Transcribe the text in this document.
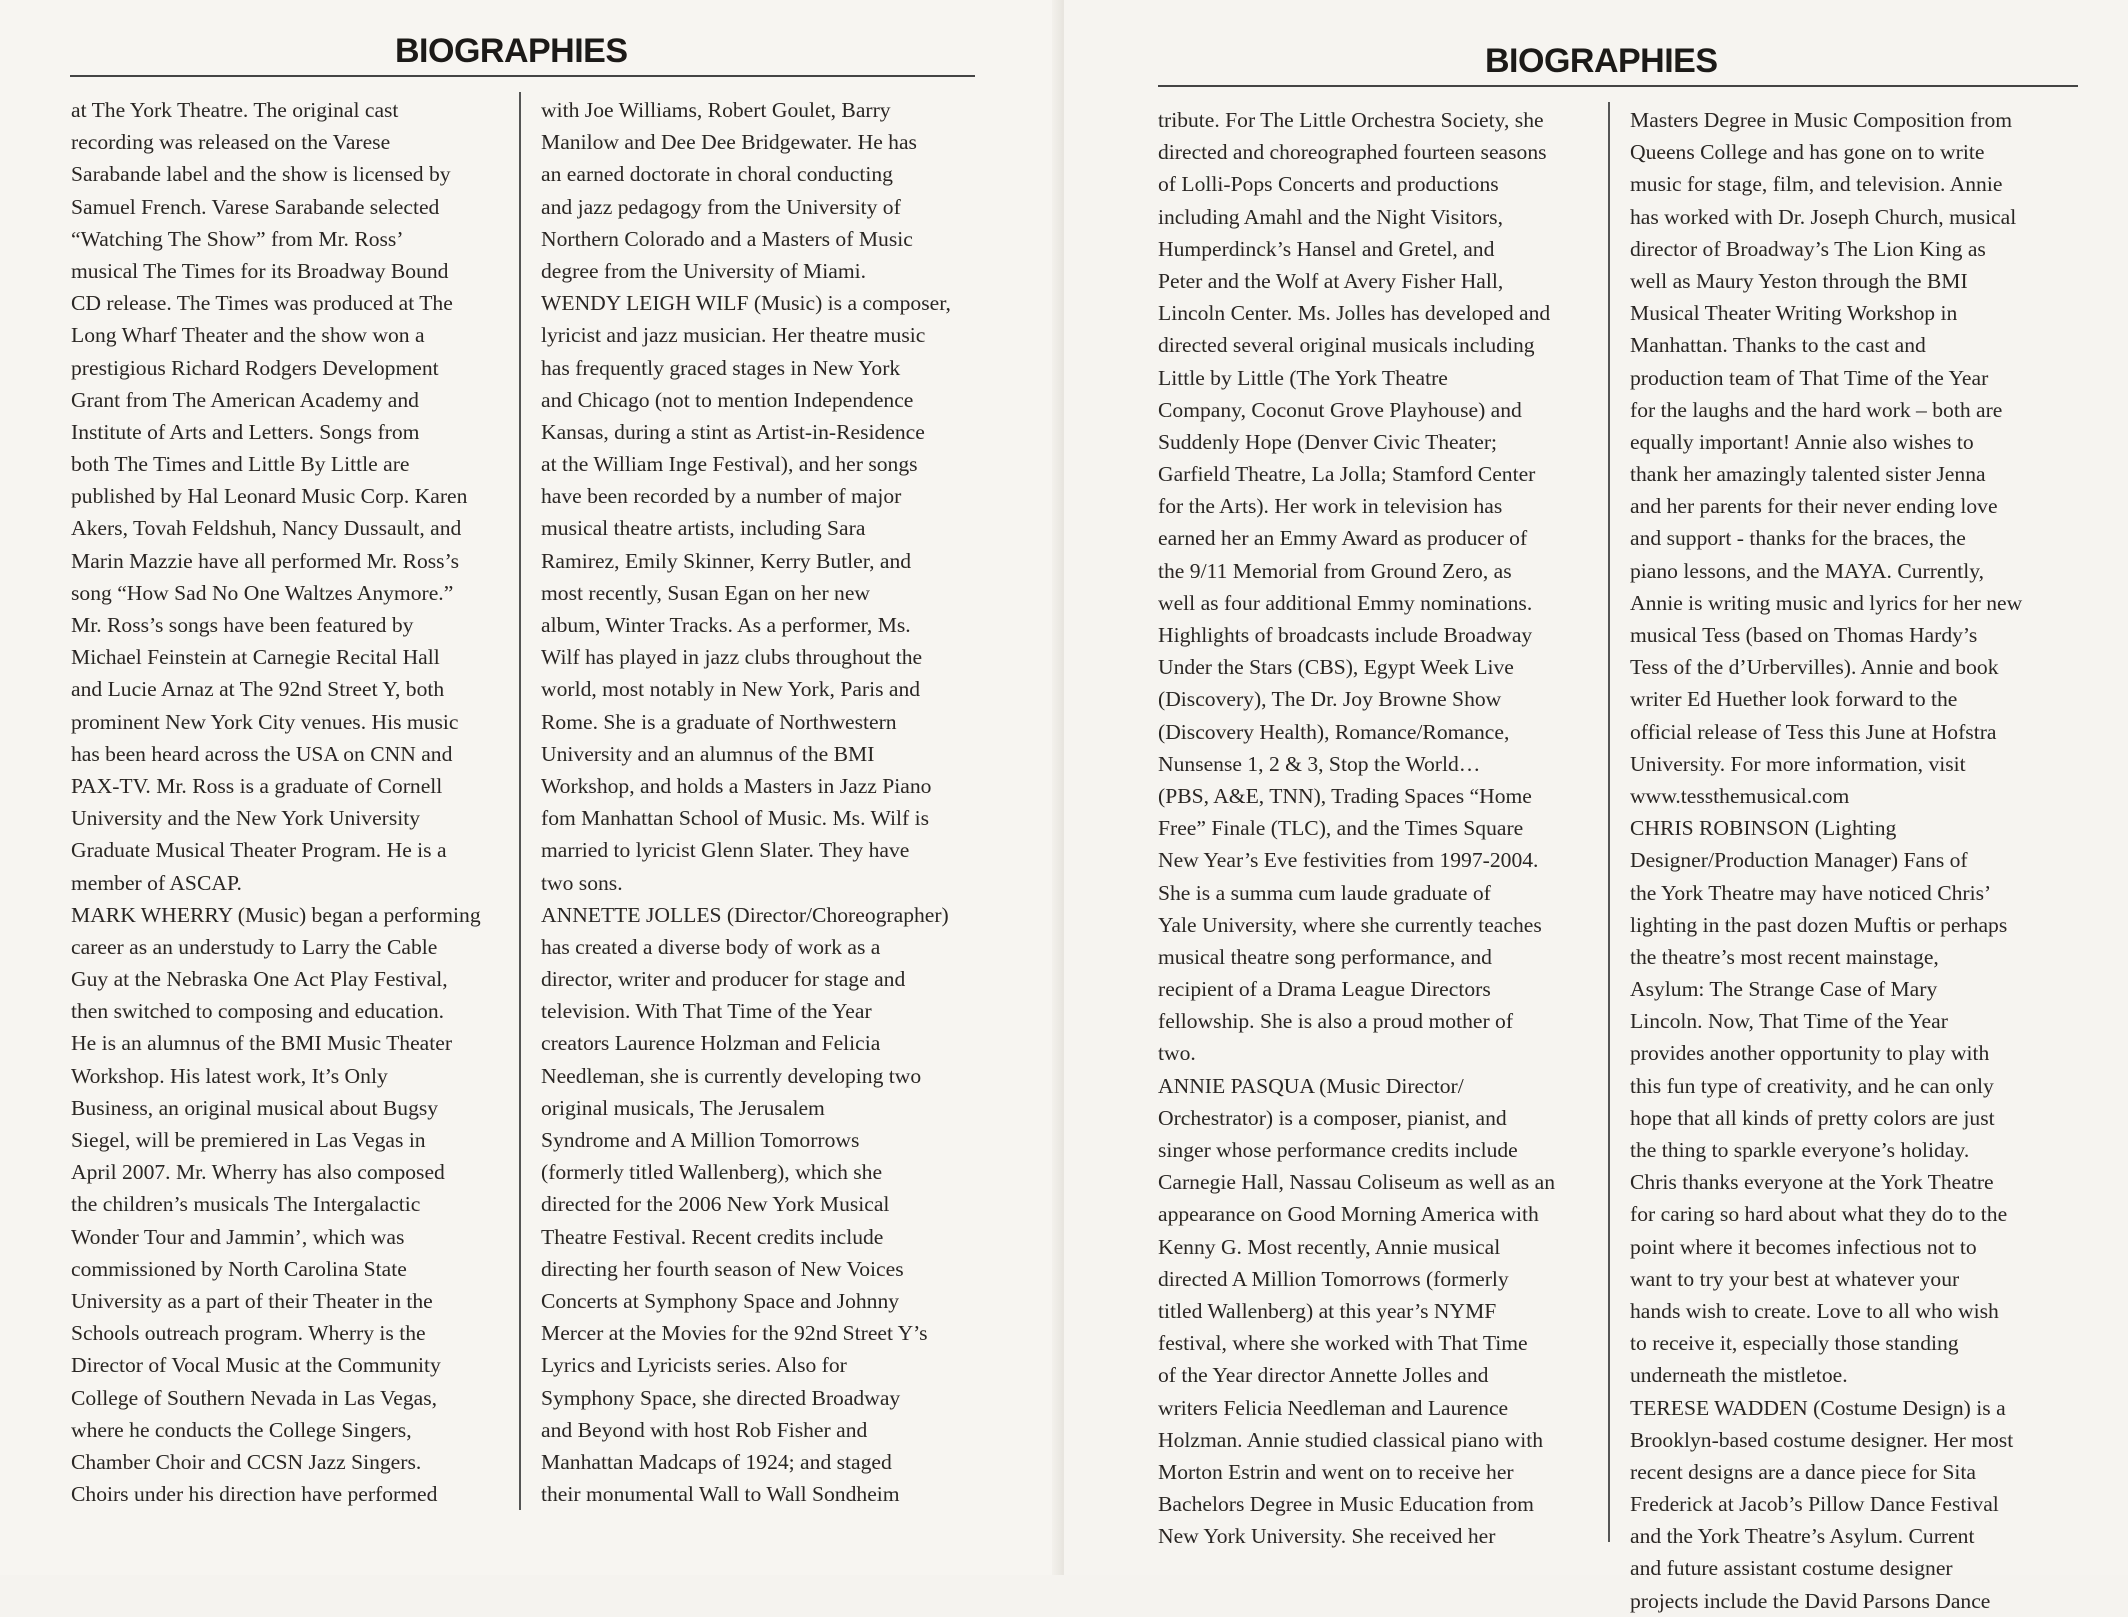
BIOGRAPHIES
at The York Theatre. The original cast
recording was released on the Varese
Sarabande label and the show is licensed by
Samuel French. Varese Sarabande selected
“Watching The Show” from Mr. Ross’
musical The Times for its Broadway Bound
CD release. The Times was produced at The
Long Wharf Theater and the show won a
prestigious Richard Rodgers Development
Grant from The American Academy and
Institute of Arts and Letters. Songs from
both The Times and Little By Little are
published by Hal Leonard Music Corp. Karen
Akers, Tovah Feldshuh, Nancy Dussault, and
Marin Mazzie have all performed Mr. Ross’s
song “How Sad No One Waltzes Anymore.”
Mr. Ross’s songs have been featured by
Michael Feinstein at Carnegie Recital Hall
and Lucie Arnaz at The 92nd Street Y, both
prominent New York City venues. His music
has been heard across the USA on CNN and
PAX-TV. Mr. Ross is a graduate of Cornell
University and the New York University
Graduate Musical Theater Program. He is a
member of ASCAP.
MARK WHERRY (Music) began a performing
career as an understudy to Larry the Cable
Guy at the Nebraska One Act Play Festival,
then switched to composing and education.
He is an alumnus of the BMI Music Theater
Workshop. His latest work, It’s Only
Business, an original musical about Bugsy
Siegel, will be premiered in Las Vegas in
April 2007. Mr. Wherry has also composed
the children’s musicals The Intergalactic
Wonder Tour and Jammin’, which was
commissioned by North Carolina State
University as a part of their Theater in the
Schools outreach program. Wherry is the
Director of Vocal Music at the Community
College of Southern Nevada in Las Vegas,
where he conducts the College Singers,
Chamber Choir and CCSN Jazz Singers.
Choirs under his direction have performed
with Joe Williams, Robert Goulet, Barry
Manilow and Dee Dee Bridgewater. He has
an earned doctorate in choral conducting
and jazz pedagogy from the University of
Northern Colorado and a Masters of Music
degree from the University of Miami.
WENDY LEIGH WILF (Music) is a composer,
lyricist and jazz musician. Her theatre music
has frequently graced stages in New York
and Chicago (not to mention Independence
Kansas, during a stint as Artist-in-Residence
at the William Inge Festival), and her songs
have been recorded by a number of major
musical theatre artists, including Sara
Ramirez, Emily Skinner, Kerry Butler, and
most recently, Susan Egan on her new
album, Winter Tracks. As a performer, Ms.
Wilf has played in jazz clubs throughout the
world, most notably in New York, Paris and
Rome. She is a graduate of Northwestern
University and an alumnus of the BMI
Workshop, and holds a Masters in Jazz Piano
fom Manhattan School of Music. Ms. Wilf is
married to lyricist Glenn Slater. They have
two sons.
ANNETTE JOLLES (Director/Choreographer)
has created a diverse body of work as a
director, writer and producer for stage and
television. With That Time of the Year
creators Laurence Holzman and Felicia
Needleman, she is currently developing two
original musicals, The Jerusalem
Syndrome and A Million Tomorrows
(formerly titled Wallenberg), which she
directed for the 2006 New York Musical
Theatre Festival. Recent credits include
directing her fourth season of New Voices
Concerts at Symphony Space and Johnny
Mercer at the Movies for the 92nd Street Y’s
Lyrics and Lyricists series. Also for
Symphony Space, she directed Broadway
and Beyond with host Rob Fisher and
Manhattan Madcaps of 1924; and staged
their monumental Wall to Wall Sondheim
BIOGRAPHIES
tribute. For The Little Orchestra Society, she
directed and choreographed fourteen seasons
of Lolli-Pops Concerts and productions
including Amahl and the Night Visitors,
Humperdinck’s Hansel and Gretel, and
Peter and the Wolf at Avery Fisher Hall,
Lincoln Center. Ms. Jolles has developed and
directed several original musicals including
Little by Little (The York Theatre
Company, Coconut Grove Playhouse) and
Suddenly Hope (Denver Civic Theater;
Garfield Theatre, La Jolla; Stamford Center
for the Arts). Her work in television has
earned her an Emmy Award as producer of
the 9/11 Memorial from Ground Zero, as
well as four additional Emmy nominations.
Highlights of broadcasts include Broadway
Under the Stars (CBS), Egypt Week Live
(Discovery), The Dr. Joy Browne Show
(Discovery Health), Romance/Romance,
Nunsense 1, 2 & 3, Stop the World…
(PBS, A&E, TNN), Trading Spaces “Home
Free” Finale (TLC), and the Times Square
New Year’s Eve festivities from 1997-2004.
She is a summa cum laude graduate of
Yale University, where she currently teaches
musical theatre song performance, and
recipient of a Drama League Directors
fellowship. She is also a proud mother of
two.
ANNIE PASQUA (Music Director/
Orchestrator) is a composer, pianist, and
singer whose performance credits include
Carnegie Hall, Nassau Coliseum as well as an
appearance on Good Morning America with
Kenny G. Most recently, Annie musical
directed A Million Tomorrows (formerly
titled Wallenberg) at this year’s NYMF
festival, where she worked with That Time
of the Year director Annette Jolles and
writers Felicia Needleman and Laurence
Holzman. Annie studied classical piano with
Morton Estrin and went on to receive her
Bachelors Degree in Music Education from
New York University. She received her
Masters Degree in Music Composition from
Queens College and has gone on to write
music for stage, film, and television. Annie
has worked with Dr. Joseph Church, musical
director of Broadway’s The Lion King as
well as Maury Yeston through the BMI
Musical Theater Writing Workshop in
Manhattan. Thanks to the cast and
production team of That Time of the Year
for the laughs and the hard work – both are
equally important! Annie also wishes to
thank her amazingly talented sister Jenna
and her parents for their never ending love
and support - thanks for the braces, the
piano lessons, and the MAYA. Currently,
Annie is writing music and lyrics for her new
musical Tess (based on Thomas Hardy’s
Tess of the d’Urbervilles). Annie and book
writer Ed Huether look forward to the
official release of Tess this June at Hofstra
University. For more information, visit
www.tessthemusical.com
CHRIS ROBINSON (Lighting
Designer/Production Manager) Fans of
the York Theatre may have noticed Chris’
lighting in the past dozen Muftis or perhaps
the theatre’s most recent mainstage,
Asylum: The Strange Case of Mary
Lincoln. Now, That Time of the Year
provides another opportunity to play with
this fun type of creativity, and he can only
hope that all kinds of pretty colors are just
the thing to sparkle everyone’s holiday.
Chris thanks everyone at the York Theatre
for caring so hard about what they do to the
point where it becomes infectious not to
want to try your best at whatever your
hands wish to create. Love to all who wish
to receive it, especially those standing
underneath the mistletoe.
TERESE WADDEN (Costume Design) is a
Brooklyn-based costume designer. Her most
recent designs are a dance piece for Sita
Frederick at Jacob’s Pillow Dance Festival
and the York Theatre’s Asylum. Current
and future assistant costume designer
projects include the David Parsons Dance
